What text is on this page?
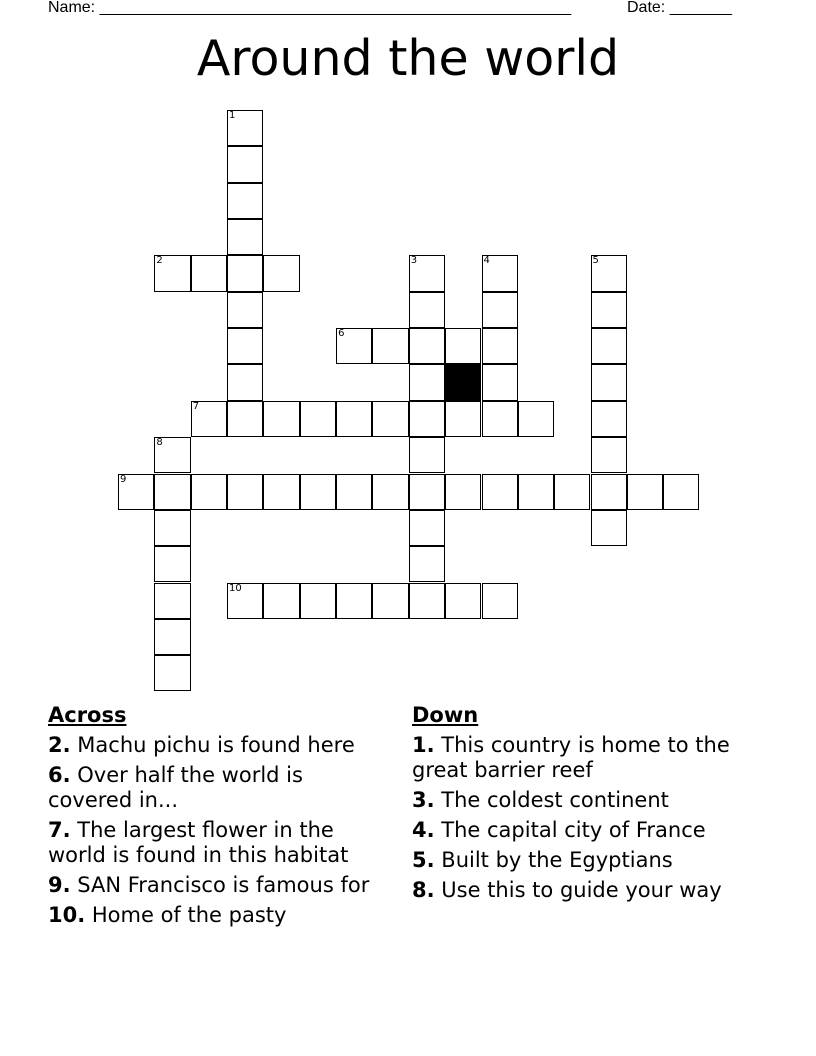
Name: _____________________________________________________	Date: _______
Around the world
1
2	3	4	5
6
7
8
9
10
Across
2. Machu pichu is found here
6. Over half the world is covered in...
7. The largest flower in the world is found in this habitat
9. SAN Francisco is famous for
10. Home of the pasty
Down
1. This country is home to the great barrier reef
3. The coldest continent
4. The capital city of France
5. Built by the Egyptians
8. Use this to guide your way
